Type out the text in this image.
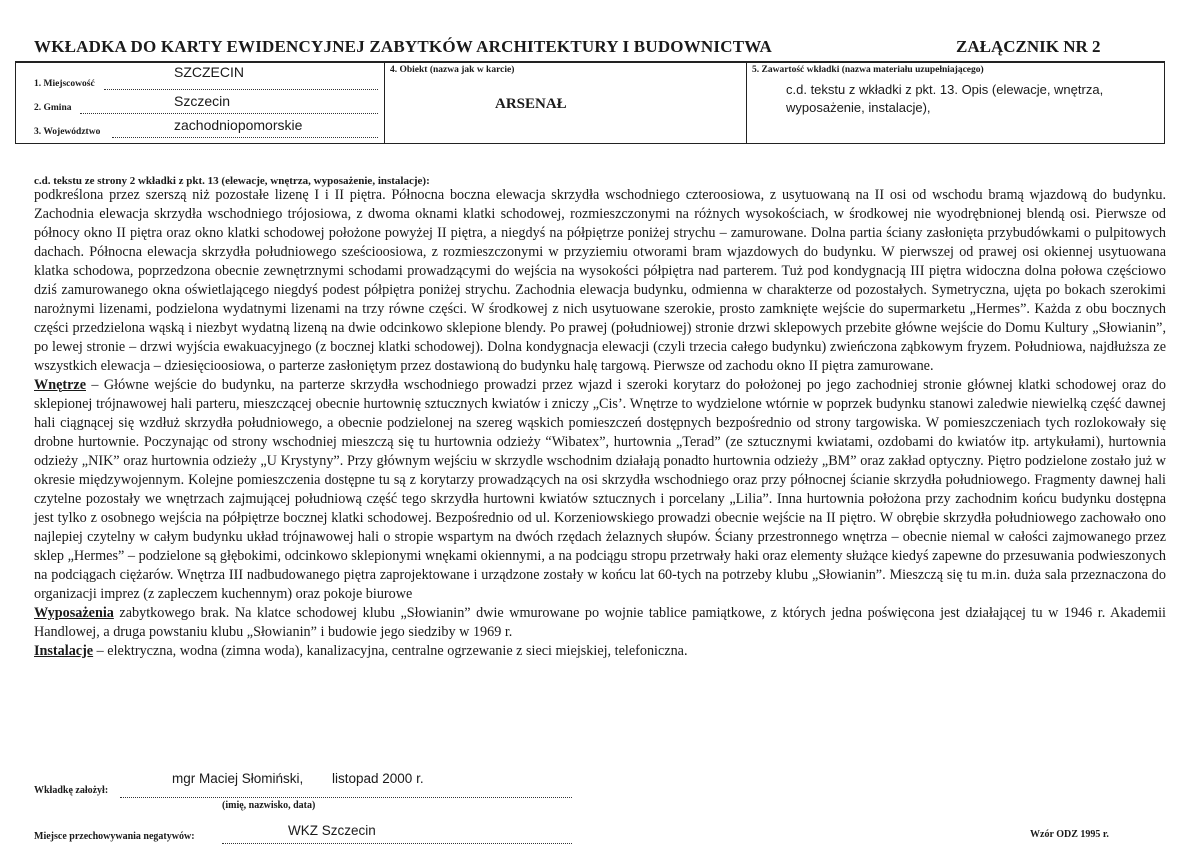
WKŁADKA DO KARTY EWIDENCYJNEJ ZABYTKÓW ARCHITEKTURY I BUDOWNICTWA	ZAŁĄCZNIK NR 2
1. Miejscowość
SZCZECIN
2. Gmina	Szczecin
3. Województwo	zachodniopomorskie
4. Obiekt (nazwa jak w karcie)
ARSENAŁ
5. Zawartość wkładki (nazwa materiału uzupełniającego)
c.d. tekstu z wkładki z pkt. 13. Opis (elewacje, wnętrza, wyposażenie, instalacje),
c.d. tekstu ze strony 2 wkładki z pkt. 13 (elewacje, wnętrza, wyposażenie, instalacje):

podkreślona przez szerszą niż pozostałe lizenę I i II piętra. Północna boczna elewacja skrzydła wschodniego czteroosiowa, z usytuowaną na II osi od wschodu bramą wjazdową do budynku. Zachodnia elewacja skrzydła wschodniego trójosiowa, z dwoma oknami klatki schodowej, rozmieszczonymi na różnych wysokościach, w środkowej nie wyodrębnionej blendą osi. Pierwsze od północy okno II piętra oraz okno klatki schodowej położone powyżej II piętra, a niegdyś na półpiętrze poniżej strychu – zamurowane. Dolna partia ściany zasłonięta przybudówkami o pulpitowych dachach. Północna elewacja skrzydła południowego sześcioosiowa, z rozmieszczonymi w przyziemiu otworami bram wjazdowych do budynku. W pierwszej od prawej osi okiennej usytuowana klatka schodowa, poprzedzona obecnie zewnętrznymi schodami prowadzącymi do wejścia na wysokości półpiętra nad parterem. Tuż pod kondygnacją III piętra widoczna dolna połowa częściowo dziś zamurowanego okna oświetlającego niegdyś podest półpiętra poniżej strychu. Zachodnia elewacja budynku, odmienna w charakterze od pozostałych. Symetryczna, ujęta po bokach szerokimi narożnymi lizenami, podzielona wydatnymi lizenami na trzy równe części. W środkowej z nich usytuowane szerokie, prosto zamknięte wejście do supermarketu „Hermes”. Każda z obu bocznych części przedzielona wąską i niezbyt wydatną lizeną na dwie odcinkowo sklepione blendy. Po prawej (południowej) stronie drzwi sklepowych przebite główne wejście do Domu Kultury „Słowianin”, po lewej stronie – drzwi wyjścia ewakuacyjnego (z bocznej klatki schodowej). Dolna kondygnacja elewacji (czyli trzecia całego budynku) zwieńczona ząbkowym fryzem. Południowa, najdłuższa ze wszystkich elewacja – dziesięcioosiowa, o parterze zasłoniętym przez dostawioną do budynku halę targową. Pierwsze od zachodu okno II piętra zamurowane.

Wnętrze – Główne wejście do budynku, na parterze skrzydła wschodniego prowadzi przez wjazd i szeroki korytarz do położonej po jego zachodniej stronie głównej klatki schodowej oraz do sklepionej trójnawowej hali parteru, mieszczącej obecnie hurtownię sztucznych kwiatów i zniczy „Cis’. Wnętrze to wydzielone wtórnie w poprzek budynku stanowi zaledwie niewielką część dawnej hali ciągnącej się wzdłuż skrzydła południowego, a obecnie podzielonej na szereg wąskich pomieszczeń dostępnych bezpośrednio od strony targowiska. W pomieszczeniach tych rozlokowały się drobne hurtownie. Poczynając od strony wschodniej mieszczą się tu hurtownia odzieży “Wibatex”, hurtownia „Terad” (ze sztucznymi kwiatami, ozdobami do kwiatów itp. artykułami), hurtownia odzieży „NIK” oraz hurtownia odzieży „U Krystyny”. Przy głównym wejściu w skrzydle wschodnim działają ponadto hurtownia odzieży „BM” oraz zakład optyczny. Piętro podzielone zostało już w okresie międzywojennym. Kolejne pomieszczenia dostępne tu są z korytarzy prowadzących na osi skrzydła wschodniego oraz przy północnej ścianie skrzydła południowego. Fragmenty dawnej hali czytelne pozostały we wnętrzach zajmującej południową część tego skrzydła hurtowni kwiatów sztucznych i porcelany „Lilia”. Inna hurtownia położona przy zachodnim końcu budynku dostępna jest tylko z osobnego wejścia na półpiętrze bocznej klatki schodowej. Bezpośrednio od ul. Korzeniowskiego prowadzi obecnie wejście na II piętro. W obrębie skrzydła południowego zachowało ono najlepiej czytelny w całym budynku układ trójnawowej hali o stropie wspartym na dwóch rzędach żelaznych słupów. Ściany przestronnego wnętrza – obecnie niemal w całości zajmowanego przez sklep „Hermes” – podzielone są głębokimi, odcinkowo sklepionymi wnękami okiennymi, a na podciągu stropu przetrwały haki oraz elementy służące kiedyś zapewne do przesuwania podwieszonych na podciągach ciężarów. Wnętrza III nadbudowanego piętra zaprojektowane i urządzone zostały w końcu lat 60-tych na potrzeby klubu „Słowianin”. Mieszczą się tu m.in. duża sala przeznaczona do organizacji imprez (z zapleczem kuchennym) oraz pokoje biurowe

Wyposażenia zabytkowego brak. Na klatce schodowej klubu „Słowianin” dwie wmurowane po wojnie tablice pamiątkowe, z których jedna poświęcona jest działającej tu w 1946 r. Akademii Handlowej, a druga powstaniu klubu „Słowianin” i budowie jego siedziby w 1969 r.

Instalacje – elektryczna, wodna (zimna woda), kanalizacyjna, centralne ogrzewanie z sieci miejskiej, telefoniczna.

Wkładkę założył:
mgr Maciej Słomiński, listopad 2000 r.
(imię, nazwisko, data)
Miejsce przechowywania negatywów:	WKZ Szczecin	Wzór ODZ 1995 r.
